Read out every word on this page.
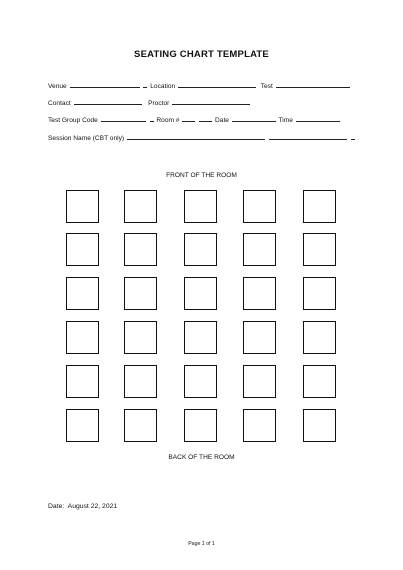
SEATING CHART TEMPLATE
Venue	Location	Test
Contact	Proctor
Test Group Code	Room #	Date	Time
Session Name (CBT only)
FRONT OF THE ROOM
BACK OF THE ROOM
Date: August 22, 2021
Page 1 of 1
